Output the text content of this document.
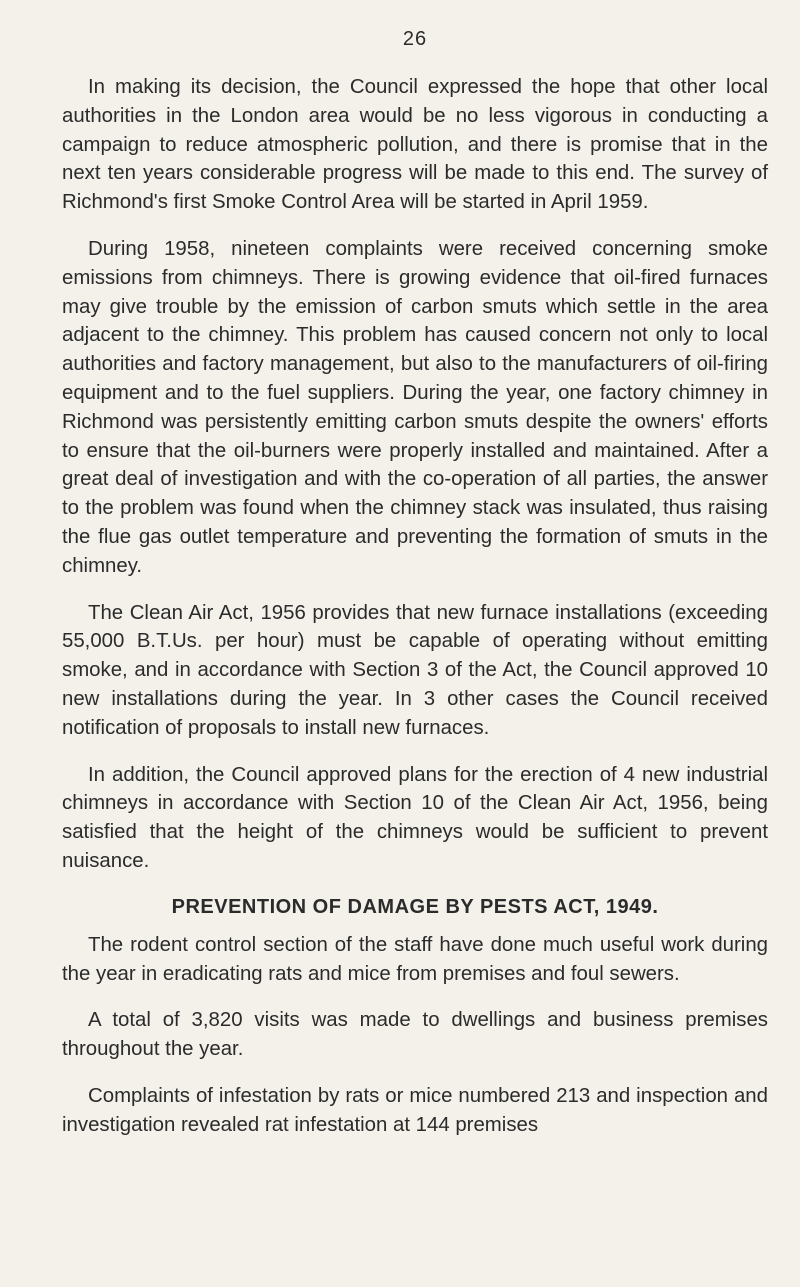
26

In making its decision, the Council expressed the hope that other local authorities in the London area would be no less vigorous in conducting a campaign to reduce atmospheric pollution, and there is promise that in the next ten years considerable progress will be made to this end. The survey of Richmond's first Smoke Control Area will be started in April 1959.

During 1958, nineteen complaints were received concerning smoke emissions from chimneys. There is growing evidence that oil-fired furnaces may give trouble by the emission of carbon smuts which settle in the area adjacent to the chimney. This problem has caused concern not only to local authorities and factory management, but also to the manufacturers of oil-firing equipment and to the fuel suppliers. During the year, one factory chimney in Richmond was persistently emitting carbon smuts despite the owners' efforts to ensure that the oil-burners were properly installed and maintained. After a great deal of investigation and with the co-operation of all parties, the answer to the problem was found when the chimney stack was insulated, thus raising the flue gas outlet temperature and preventing the formation of smuts in the chimney.

The Clean Air Act, 1956 provides that new furnace installations (exceeding 55,000 B.T.Us. per hour) must be capable of operating without emitting smoke, and in accordance with Section 3 of the Act, the Council approved 10 new installations during the year. In 3 other cases the Council received notification of proposals to install new furnaces.

In addition, the Council approved plans for the erection of 4 new industrial chimneys in accordance with Section 10 of the Clean Air Act, 1956, being satisfied that the height of the chimneys would be sufficient to prevent nuisance.

PREVENTION OF DAMAGE BY PESTS ACT, 1949.

The rodent control section of the staff have done much useful work during the year in eradicating rats and mice from premises and foul sewers.

A total of 3,820 visits was made to dwellings and business premises throughout the year.

Complaints of infestation by rats or mice numbered 213 and inspection and investigation revealed rat infestation at 144 premises
